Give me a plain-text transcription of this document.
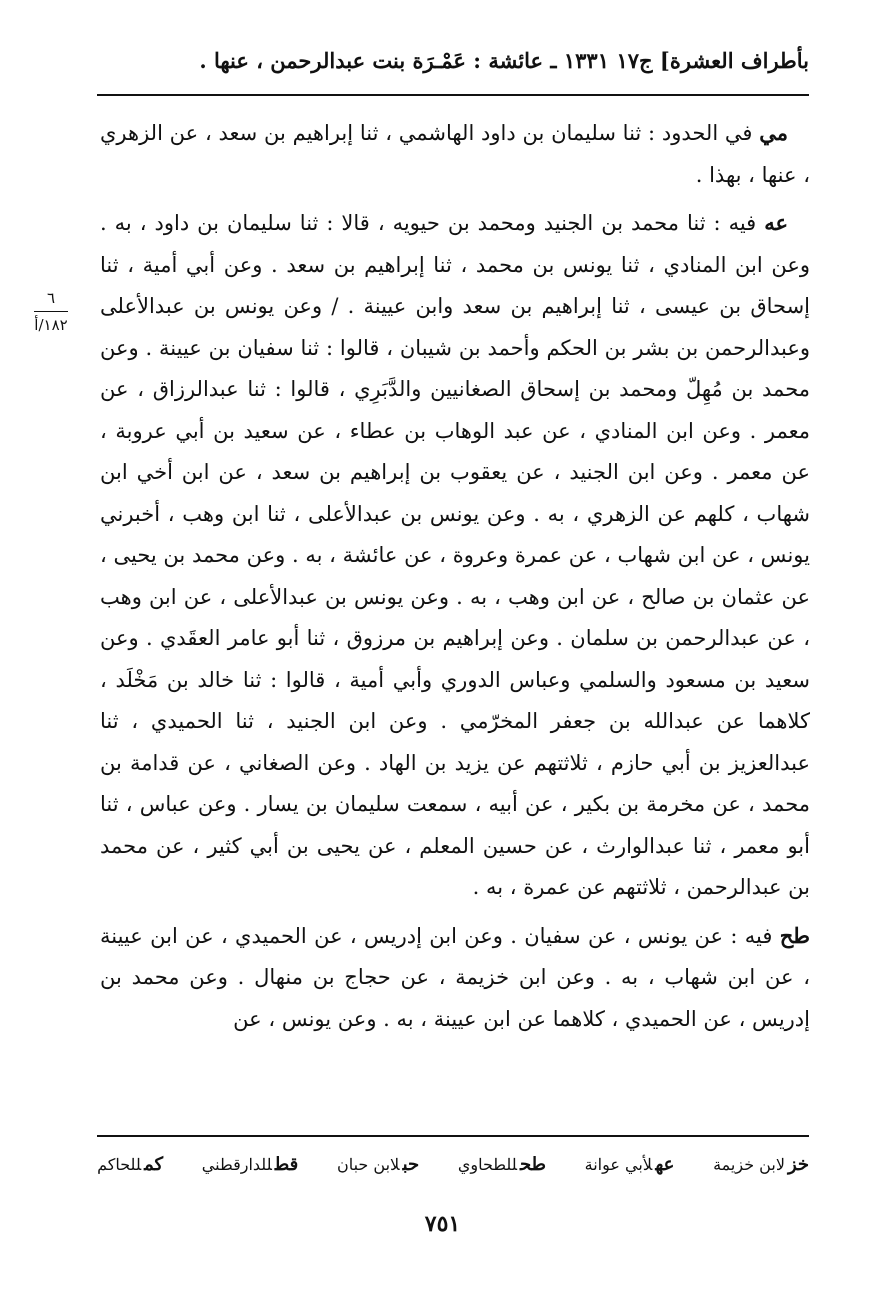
بأطراف العشرة] ج١٧
١٣٣١ ـ عائشة : عَمْـرَة بنت عبدالرحمن ، عنها .
٦
١٨٢/أ

مي في الحدود : ثنا سليمان بن داود الهاشمي ، ثنا إبراهيم بن سعد ، عن الزهري ، عنها ، بهذا .

عه فيه : ثنا محمد بن الجنيد ومحمد بن حيويه ، قالا : ثنا سليمان بن داود ، به . وعن ابن المنادي ، ثنا يونس بن محمد ، ثنا إبراهيم بن سعد . وعن أبي أمية ، ثنا إسحاق بن عيسى ، ثنا إبراهيم بن سعد وابن عيينة . / وعن يونس بن عبدالأعلى وعبدالرحمن بن بشر بن الحكم وأحمد بن شيبان ، قالوا : ثنا سفيان بن عيينة . وعن محمد بن مُهِلّ ومحمد بن إسحاق الصغانيين والدَّبَرِي ، قالوا : ثنا عبدالرزاق ، عن معمر . وعن ابن المنادي ، عن عبد الوهاب بن عطاء ، عن سعيد بن أبي عروبة ، عن معمر . وعن ابن الجنيد ، عن يعقوب بن إبراهيم بن سعد ، عن ابن أخي ابن شهاب ، كلهم عن الزهري ، به . وعن يونس بن عبدالأعلى ، ثنا ابن وهب ، أخبرني يونس ، عن ابن شهاب ، عن عمرة وعروة ، عن عائشة ، به . وعن محمد بن يحيى ، عن عثمان بن صالح ، عن ابن وهب ، به . وعن يونس بن عبدالأعلى ، عن ابن وهب ، عن عبدالرحمن بن سلمان . وعن إبراهيم بن مرزوق ، ثنا أبو عامر العقَدي . وعن سعيد بن مسعود والسلمي وعباس الدوري وأبي أمية ، قالوا : ثنا خالد بن مَخْلَد ، كلاهما عن عبدالله بن جعفر المخرّمي . وعن ابن الجنيد ، ثنا الحميدي ، ثنا عبدالعزيز بن أبي حازم ، ثلاثتهم عن يزيد بن الهاد . وعن الصغاني ، عن قدامة بن محمد ، عن مخرمة بن بكير ، عن أبيه ، سمعت سليمان بن يسار . وعن عباس ، ثنا أبو معمر ، ثنا عبدالوارث ، عن حسين المعلم ، عن يحيى بن أبي كثير ، عن محمد بن عبدالرحمن ، ثلاثتهم عن عمرة ، به .

طح فيه : عن يونس ، عن سفيان . وعن ابن إدريس ، عن الحميدي ، عن ابن عيينة ، عن ابن شهاب ، به . وعن ابن خزيمة ، عن حجاج بن منهال . وعن محمد بن إدريس ، عن الحميدي ، كلاهما عن ابن عيينة ، به . وعن يونس ، عن

خزلابن خزيمة
عهلأبي عوانة
طحللطحاوي
حبلابن حبان
قطللدارقطني
كمللحاكم
٧٥١
